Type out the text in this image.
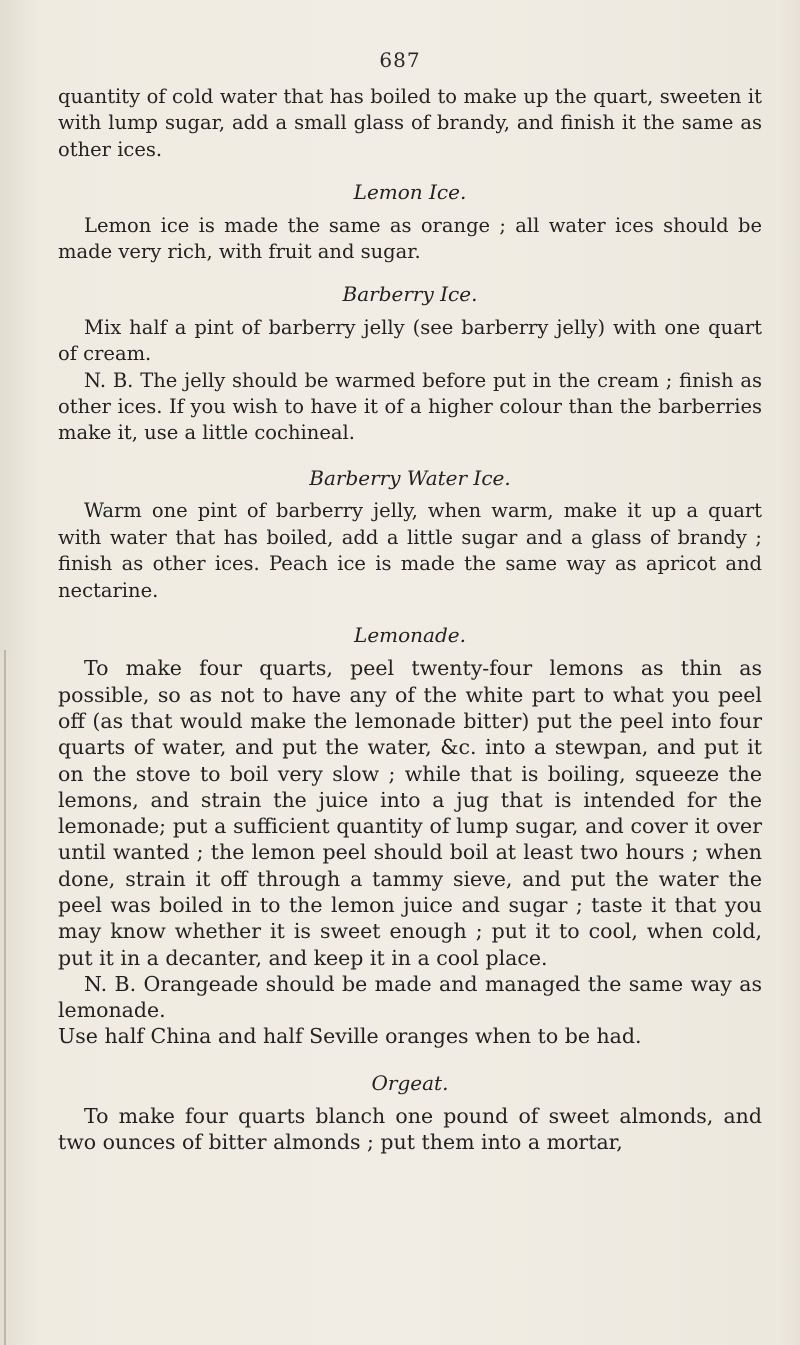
687

quantity of cold water that has boiled to make up the quart, sweeten it with lump sugar, add a small glass of brandy, and finish it the same as other ices.

Lemon Ice.

Lemon ice is made the same as orange ; all water ices should be made very rich, with fruit and sugar.

Barberry Ice.

Mix half a pint of barberry jelly (see barberry jelly) with one quart of cream.

N. B. The jelly should be warmed before put in the cream ; finish as other ices. If you wish to have it of a higher colour than the barberries make it, use a little cochineal.

Barberry Water Ice.

Warm one pint of barberry jelly, when warm, make it up a quart with water that has boiled, add a little sugar and a glass of brandy ; finish as other ices. Peach ice is made the same way as apricot and nectarine.

Lemonade.

To make four quarts, peel twenty-four lemons as thin as possible, so as not to have any of the white part to what you peel off (as that would make the lemonade bitter) put the peel into four quarts of water, and put the water, &c. into a stewpan, and put it on the stove to boil very slow ; while that is boiling, squeeze the lemons, and strain the juice into a jug that is intended for the lemonade; put a sufficient quantity of lump sugar, and cover it over until wanted ; the lemon peel should boil at least two hours ; when done, strain it off through a tammy sieve, and put the water the peel was boiled in to the lemon juice and sugar ; taste it that you may know whether it is sweet enough ; put it to cool, when cold, put it in a decanter, and keep it in a cool place.

N. B. Orangeade should be made and managed the same way as lemonade.

Use half China and half Seville oranges when to be had.

Orgeat.

To make four quarts blanch one pound of sweet almonds, and two ounces of bitter almonds ; put them into a mortar,
